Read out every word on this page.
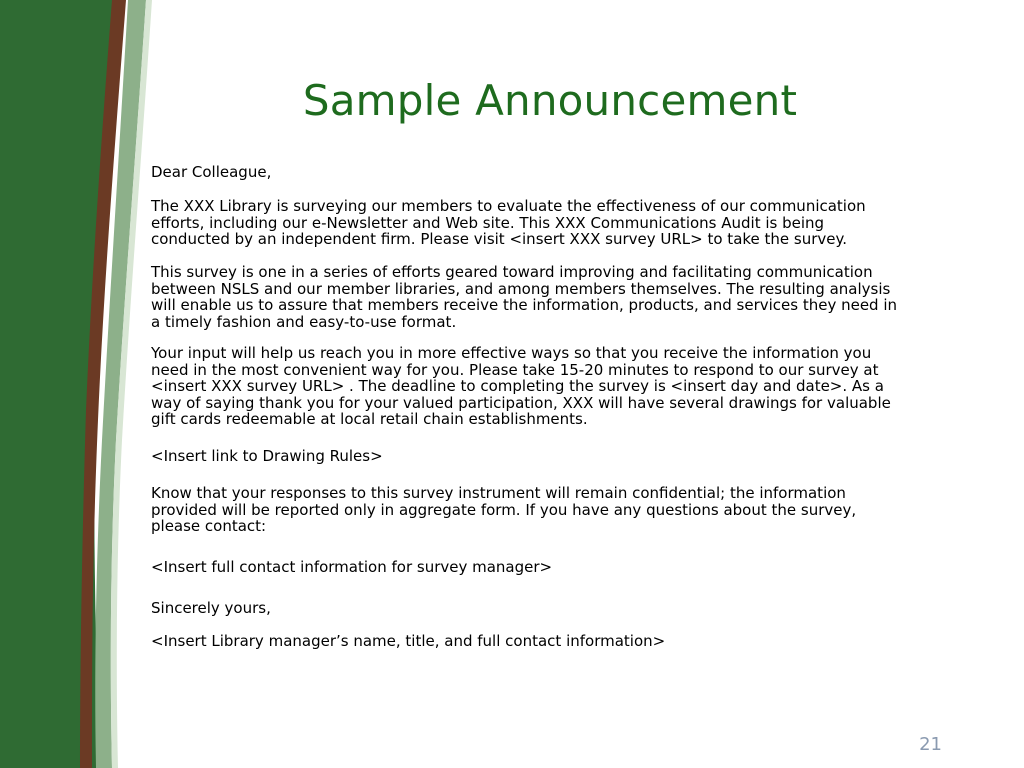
Sample Announcement

Dear Colleague,

The XXX Library is surveying our members to evaluate the effectiveness of our communication
efforts, including our e-Newsletter and Web site. This XXX Communications Audit is being
conducted by an independent firm. Please visit <insert XXX survey URL> to take the survey.

This survey is one in a series of efforts geared toward improving and facilitating communication
between NSLS and our member libraries, and among members themselves. The resulting analysis
will enable us to assure that members receive the information, products, and services they need in
a timely fashion and easy-to-use format.

Your input will help us reach you in more effective ways so that you receive the information you
need in the most convenient way for you. Please take 15-20 minutes to respond to our survey at
<insert XXX survey URL> . The deadline to completing the survey is <insert day and date>. As a
way of saying thank you for your valued participation, XXX will have several drawings for valuable
gift cards redeemable at local retail chain establishments.

<Insert link to Drawing Rules>

Know that your responses to this survey instrument will remain confidential; the information
provided will be reported only in aggregate form. If you have any questions about the survey,
please contact:

<Insert full contact information for survey manager>

Sincerely yours,

<Insert Library manager’s name, title, and full contact information>

21
